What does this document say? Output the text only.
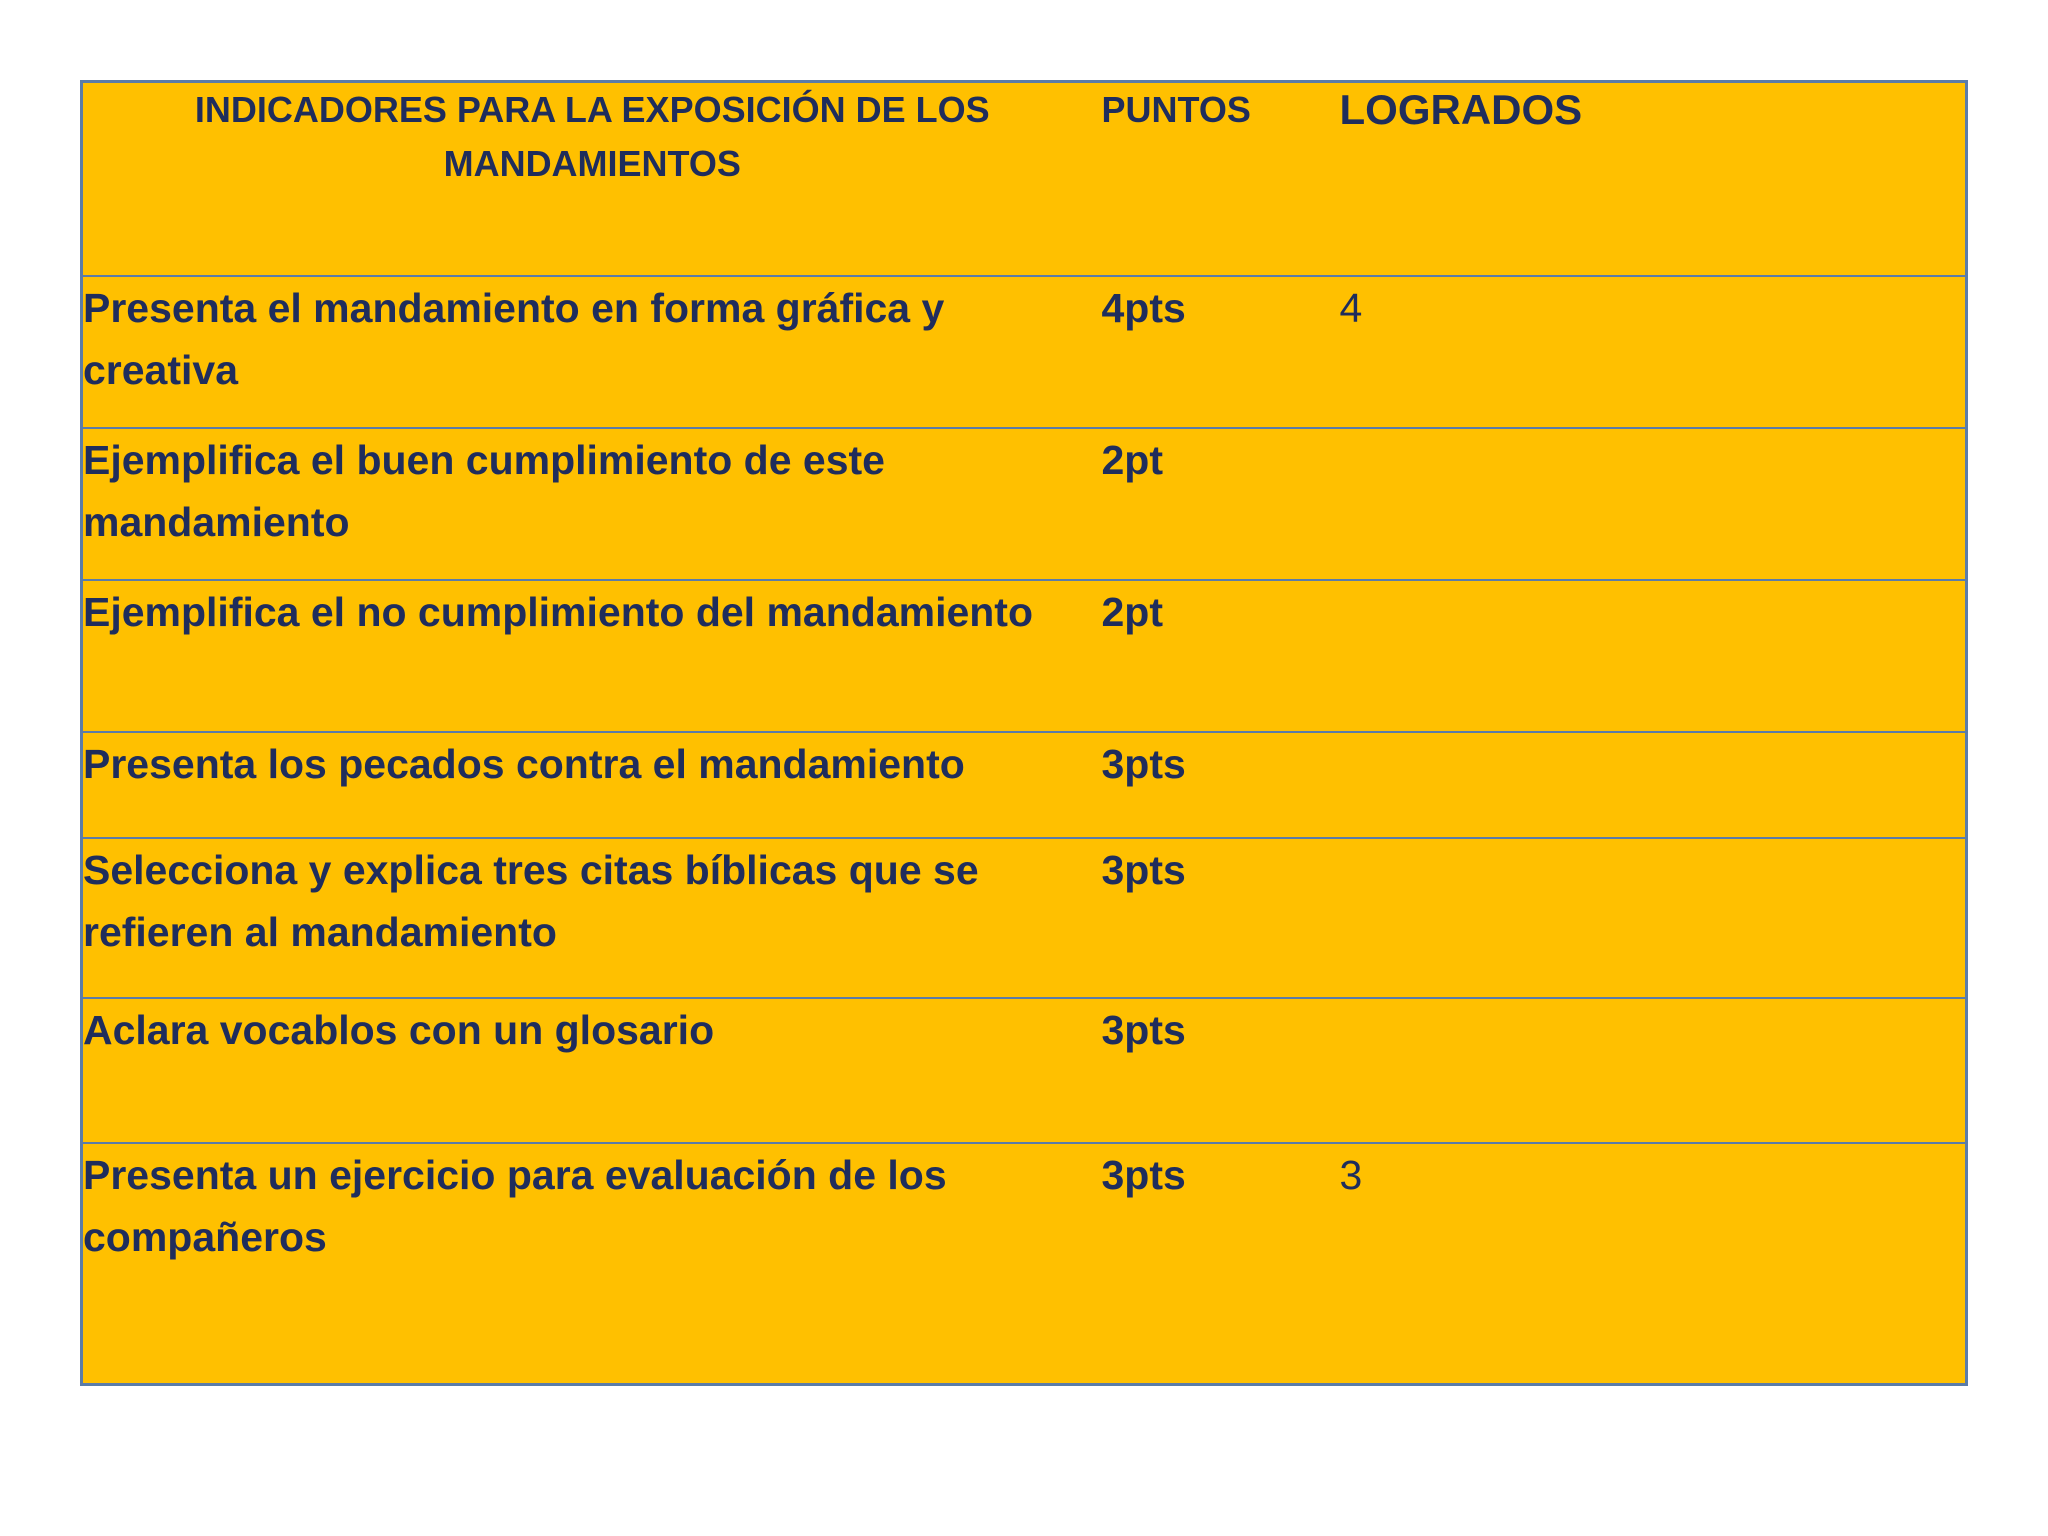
INDICADORES PARA LA EXPOSICIÓN DE LOS MANDAMIENTOS	PUNTOS	LOGRADOS
Presenta el mandamiento en forma gráfica y creativa	4pts	4
Ejemplifica el buen cumplimiento de este mandamiento	2pt	
Ejemplifica el no cumplimiento del mandamiento	2pt	
Presenta los pecados contra el mandamiento	3pts	
Selecciona y explica tres citas bíblicas que se refieren al mandamiento	3pts	
Aclara vocablos con un glosario	3pts	
Presenta un ejercicio para evaluación de los compañeros	3pts	3
